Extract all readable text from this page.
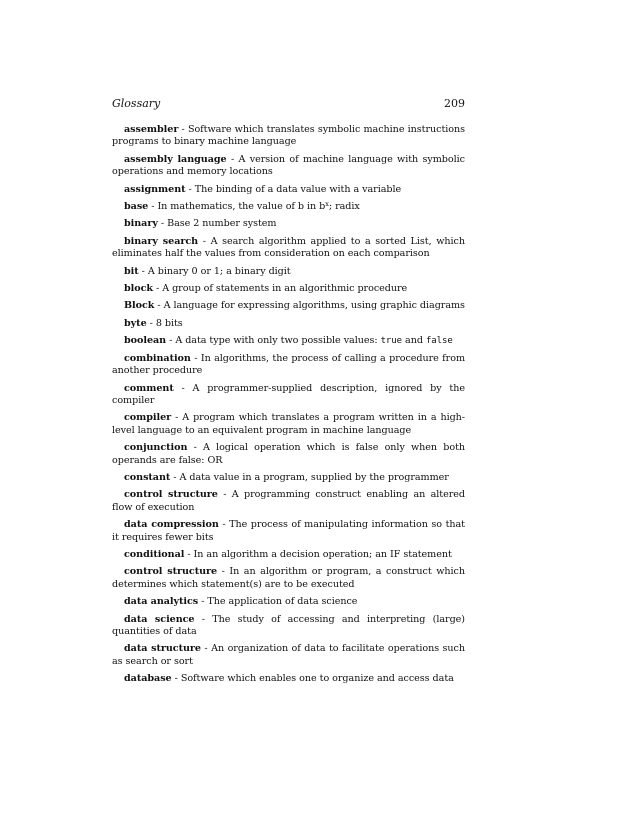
Glossary	209

assembler - Software which translates symbolic machine instructions programs to binary machine language

assembly language - A version of machine language with symbolic operations and memory locations

assignment - The binding of a data value with a variable

base - In mathematics, the value of b in $b^x$; radix

binary - Base 2 number system

binary search - A search algorithm applied to a sorted List, which eliminates half the values from consideration on each comparison

bit - A binary 0 or 1; a binary digit

block - A group of statements in an algorithmic procedure

Block - A language for expressing algorithms, using graphic diagrams

byte - 8 bits

boolean - A data type with only two possible values: true and false

combination - In algorithms, the process of calling a procedure from another procedure

comment - A programmer-supplied description, ignored by the compiler

compiler - A program which translates a program written in a high-level language to an equivalent program in machine language

conjunction - A logical operation which is false only when both operands are false: OR

constant - A data value in a program, supplied by the programmer

control structure - A programming construct enabling an altered flow of execution

data compression - The process of manipulating information so that it requires fewer bits

conditional - In an algorithm a decision operation; an IF statement

control structure - In an algorithm or program, a construct which determines which statement(s) are to be executed

data analytics - The application of data science

data science - The study of accessing and interpreting (large) quantities of data

data structure - An organization of data to facilitate operations such as search or sort

database - Software which enables one to organize and access data
